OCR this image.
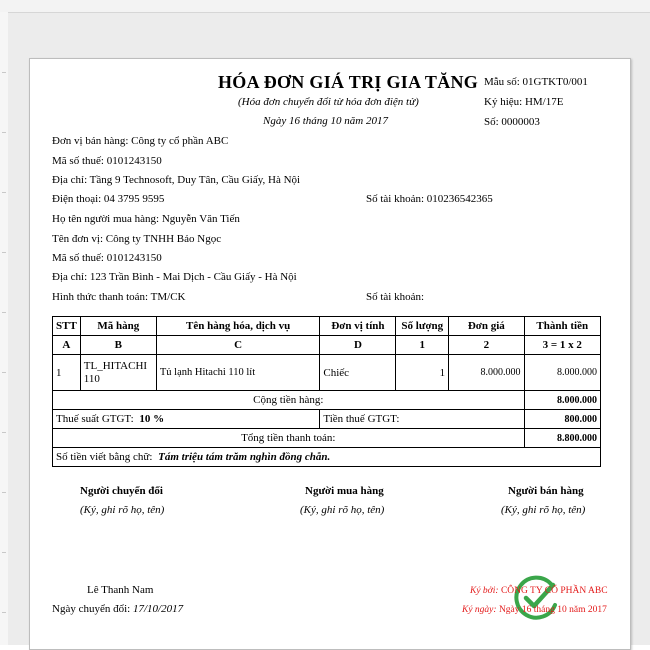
HÓA ĐƠN GIÁ TRỊ GIA TĂNG
(Hóa đơn chuyển đổi từ hóa đơn điện tử)
Ngày 16 tháng 10 năm 2017
Mẫu số: 01GTKT0/001
Ký hiệu: HM/17E
Số: 0000003
Đơn vị bán hàng: Công ty cổ phần ABC
Mã số thuế: 0101243150
Địa chỉ: Tầng 9 Technosoft, Duy Tân, Cầu Giấy, Hà Nội
Điện thoại: 04 3795 9595	Số tài khoản: 010236542365
Họ tên người mua hàng: Nguyễn Văn Tiến
Tên đơn vị: Công ty TNHH Bảo Ngọc
Mã số thuế: 0101243150
Địa chỉ: 123 Trần Bình - Mai Dịch - Cầu Giấy - Hà Nội
Hình thức thanh toán: TM/CK	Số tài khoản:
STT	Mã hàng	Tên hàng hóa, dịch vụ	Đơn vị tính	Số lượng	Đơn giá	Thành tiền
A	B	C	D	1	2	3 = 1 x 2
1	TL_HITACHI 110	Tủ lạnh Hitachi 110 lít	Chiếc	1	8.000.000	8.000.000
Cộng tiền hàng:						8.000.000
Thuế suất GTGT: 10 %			Tiền thuế GTGT:			800.000
Tổng tiền thanh toán:						8.800.000
Số tiền viết bằng chữ: Tám triệu tám trăm nghìn đồng chẵn.						
Người chuyển đổi
(Ký, ghi rõ họ, tên)
Người mua hàng
(Ký, ghi rõ họ, tên)
Người bán hàng
(Ký, ghi rõ họ, tên)
Lê Thanh Nam
Ngày chuyển đổi: 17/10/2017
Ký bởi: CÔNG TY CỔ PHẦN ABC
Ký ngày: Ngày 16 tháng 10 năm 2017
